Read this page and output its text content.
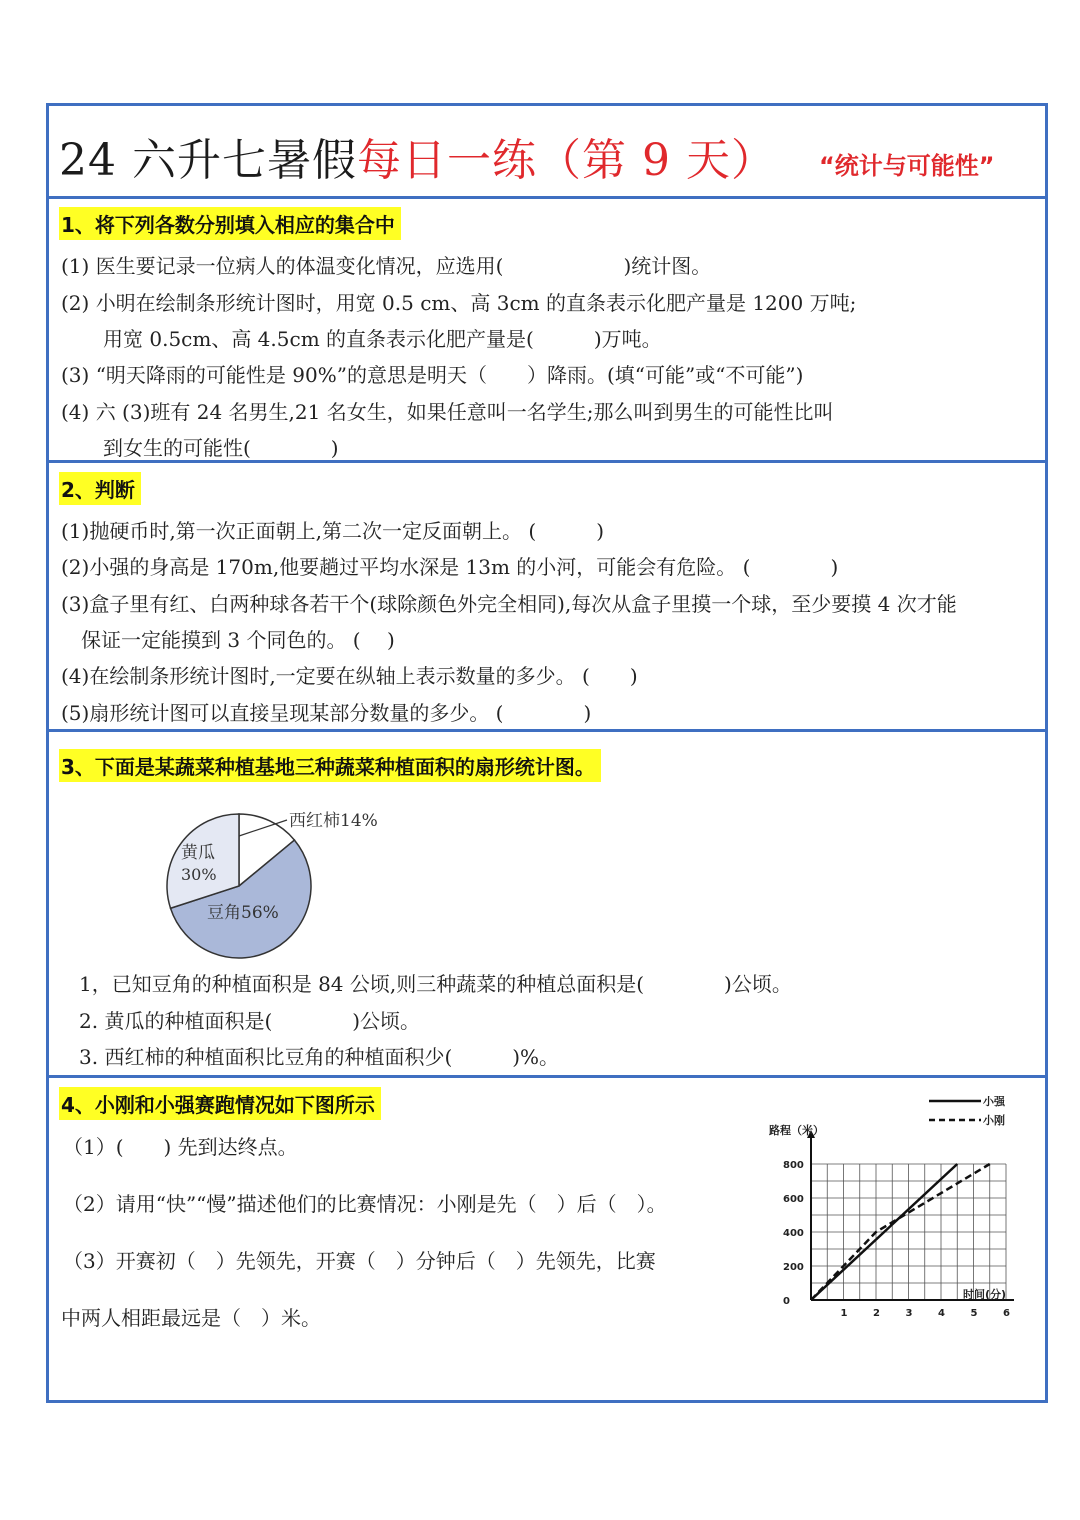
24 六升七暑假每日一练（第 9 天） “统计与可能性”
1、将下列各数分别填入相应的集合中
(1) 医生要记录一位病人的体温变化情况，应选用(　　　　　　)统计图。
(2) 小明在绘制条形统计图时，用宽 0.5 cm、高 3cm 的直条表示化肥产量是 1200 万吨;
用宽 0.5cm、高 4.5cm 的直条表示化肥产量是(　　　)万吨。
(3) “明天降雨的可能性是 90%”的意思是明天（　　）降雨。(填“可能”或“不可能”)
(4) 六 (3)班有 24 名男生,21 名女生，如果任意叫一名学生;那么叫到男生的可能性比叫
到女生的可能性(　　　　)
2、判断
(1)抛硬币时,第一次正面朝上,第二次一定反面朝上。 (　　　)
(2)小强的身高是 170m,他要趟过平均水深是 13m 的小河，可能会有危险。 (　　　　)
(3)盒子里有红、白两种球各若干个(球除颜色外完全相同),每次从盒子里摸一个球，至少要摸 4 次才能
保证一定能摸到 3 个同色的。 (　 )
(4)在绘制条形统计图时,一定要在纵轴上表示数量的多少。 (　　)
(5)扇形统计图可以直接呈现某部分数量的多少。 (　　　　)
3、下面是某蔬菜种植基地三种蔬菜种植面积的扇形统计图。
西红柿14%
黄瓜
30%
豆角56%
1，已知豆角的种植面积是 84 公顷,则三种蔬菜的种植总面积是(　　　　)公顷。
2. 黄瓜的种植面积是(　　　　)公顷。
3. 西红柿的种植面积比豆角的种植面积少(　　　)%。
4、小刚和小强赛跑情况如下图所示
（1）(　　) 先到达终点。
（2）请用“快”“慢”描述他们的比赛情况：小刚是先（　）后（　）。
（3）开赛初（　）先领先，开赛（　）分钟后（　）先领先，比赛
中两人相距最远是（　）米。	1	2	3	4	5	6
0
200
400
600
800
路程（米）
时间(分)
小强
小刚
